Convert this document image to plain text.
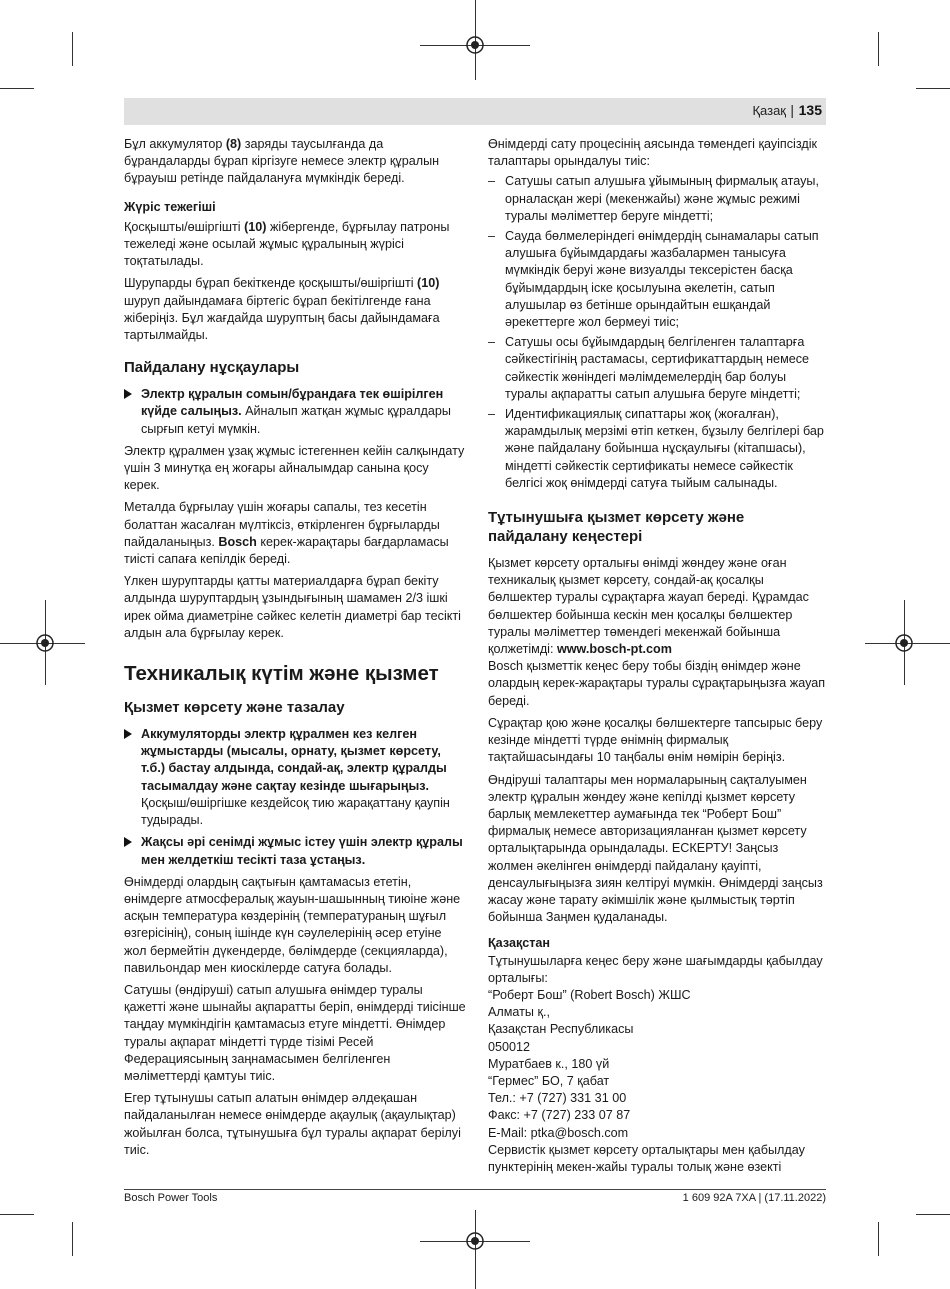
Қазақ | 135

Бұл аккумулятор (8) заряды таусылғанда да бұрандаларды бұрап кіргізуге немесе электр құралын бұрауыш ретінде пайдалануға мүмкіндік береді.

Жүріс тежегіші

Қосқышты/өшіргішті (10) жібергенде, бұрғылау патроны тежеледі және осылай жұмыс құралының жүрісі тоқтатылады.

Шурупарды бұрап бекіткенде қосқышты/өшіргішті (10) шуруп дайындамаға біртегіс бұрап бекітілгенде ғана жіберіңіз. Бұл жағдайда шуруптың басы дайындамаға тартылмайды.

Пайдалану нұсқаулары
Электр құралын сомын/бұрандаға тек өшірілген күйде салыңыз. Айналып жатқан жұмыс құралдары сырғып кетуі мүмкін.

Электр құралмен ұзақ жұмыс істегеннен кейін салқындату үшін 3 минутқа ең жоғары айналымдар санына қосу керек.

Металда бұрғылау үшін жоғары сапалы, тез кесетін болаттан жасалған мүлтіксіз, өткірленген бұрғыларды пайдаланыңыз. Bosch керек-жарақтары бағдарламасы тиісті сапаға кепілдік береді.

Үлкен шуруптарды қатты материалдарға бұрап бекіту алдында шуруптардың ұзындығының шамамен 2/3 ішкі ирек ойма диаметріне сәйкес келетін диаметрі бар тесікті алдын ала бұрғылау керек.

Техникалық күтім және қызмет
Қызмет көрсету және тазалау
Аккумуляторды электр құралмен кез келген жұмыстарды (мысалы, орнату, қызмет көрсету, т.б.) бастау алдында, сондай-ақ, электр құралды тасымалдау және сақтау кезінде шығарыңыз. Қосқыш/өшіргішке кездейсоқ тию жарақаттану қаупін тудырады.
Жақсы әрі сенімді жұмыс істеу үшін электр құралы мен желдеткіш тесікті таза ұстаңыз.

Өнімдерді олардың сақтығын қамтамасыз ететін, өнімдерге атмосфералық жауын-шашынның тиюіне және асқын температура көздерінің (температураның шұғыл өзгерісінің), соның ішінде күн сәулелерінің әсер етуіне жол бермейтін дүкендерде, бөлімдерде (секцияларда), павильондар мен киоскілерде сатуға болады.

Сатушы (өндіруші) сатып алушыға өнімдер туралы қажетті және шынайы ақпаратты беріп, өнімдерді тиісінше таңдау мүмкіндігін қамтамасыз етуге міндетті. Өнімдер туралы ақпарат міндетті түрде тізімі Ресей Федерациясының заңнамасымен белгіленген мәліметтерді қамтуы тиіс.

Егер тұтынушы сатып алатын өнімдер әлдеқашан пайдаланылған немесе өнімдерде ақаулық (ақаулықтар) жойылған болса, тұтынушыға бұл туралы ақпарат берілуі тиіс.

Өнімдерді сату процесінің аясында төмендегі қауіпсіздік талаптары орындалуы тиіс:

– Сатушы сатып алушыға ұйымының фирмалық атауы, орналасқан жері (мекенжайы) және жұмыс режимі туралы мәліметтер беруге міндетті;
– Сауда бөлмелеріндегі өнімдердің сынамалары сатып алушыға бұйымдардағы жазбалармен танысуға мүмкіндік беруі және визуалды тексерістен басқа бұйымдардың іске қосылуына әкелетін, сатып алушылар өз бетінше орындайтын ешқандай әрекеттерге жол бермеуі тиіс;
– Сатушы осы бұйымдардың белгіленген талаптарға сәйкестігінің растамасы, сертификаттардың немесе сәйкестік жөніндегі мәлімдемелердің бар болуы туралы ақпаратты сатып алушыға беруге міндетті;
– Идентификациялық сипаттары жоқ (жоғалған), жарамдылық мерзімі өтіп кеткен, бұзылу белгілері бар және пайдалану бойынша нұсқаулығы (кітапшасы), міндетті сәйкестік сертификаты немесе сәйкестік белгісі жоқ өнімдерді сатуға тыйым салынады.
Тұтынушыға қызмет көрсету және пайдалану кеңестері

Қызмет көрсету орталығы өнімді жөндеу және оған техникалық қызмет көрсету, сондай-ақ қосалқы бөлшектер туралы сұрақтарға жауап береді. Құрамдас бөлшектер бойынша кескін мен қосалқы бөлшектер туралы мәліметтер төмендегі мекенжай бойынша қолжетімді: www.bosch-pt.com

Bosch қызметтік кеңес беру тобы біздің өнімдер және олардың керек-жарақтары туралы сұрақтарыңызға жауап береді.

Сұрақтар қою және қосалқы бөлшектерге тапсырыс беру кезінде міндетті түрде өнімнің фирмалық тақтайшасындағы 10 таңбалы өнім нөмірін беріңіз.

Өндіруші талаптары мен нормаларының сақталуымен электр құралын жөндеу және кепілді қызмет көрсету барлық мемлекеттер аумағында тек “Роберт Бош” фирмалық немесе авторизацияланған қызмет көрсету орталықтарында орындалады. ЕСКЕРТУ! Заңсыз жолмен әкелінген өнімдерді пайдалану қауіпті, денсаулығыңызға зиян келтіруі мүмкін. Өнімдерді заңсыз жасау және тарату әкімшілік және қылмыстық тәртіп бойынша Заңмен қудаланады.

Қазақстан

Тұтынушыларға кеңес беру және шағымдарды қабылдау орталығы:

“Роберт Бош” (Robert Bosch) ЖШС

Алматы қ.,

Қазақстан Республикасы

050012

Муратбаев к., 180 үй

“Гермес” БО, 7 қабат

Тел.: +7 (727) 331 31 00

Факс: +7 (727) 233 07 87

E-Mail: ptka@bosch.com

Сервистік қызмет көрсету орталықтары мен қабылдау пунктерінің мекен-жайы туралы толық және өзекті

Bosch Power Tools	1 609 92A 7XA | (17.11.2022)
